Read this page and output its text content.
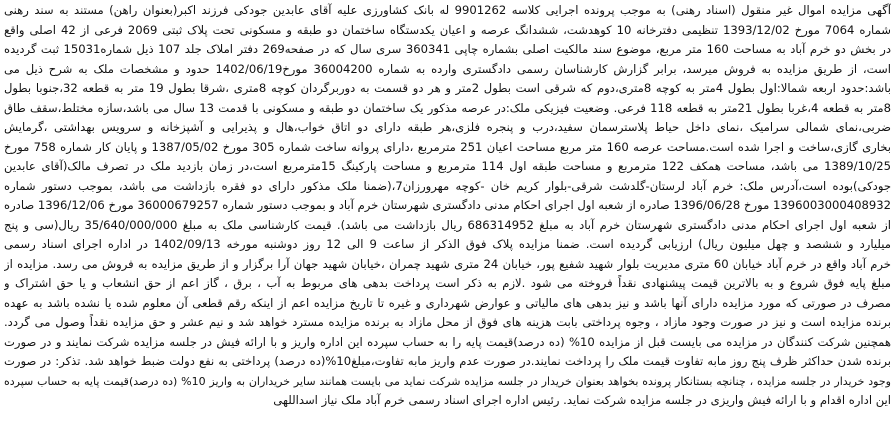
آگهی مزایده اموال غیر منقول (اسناد رهنی) به موجب پرونده اجرایی کلاسه 9901262 له بانک کشاورزی علیه آقای عابدین جودکی فرزند اکبر(بعنوان راهن) مستند به سند رهنی
شماره 7064 مورخ 1393/12/02 تنظیمی دفترخانه 10 کوهدشت، ششدانگ عرصه و اعیان یکدستگاه ساختمان دو طبقه و مسکونی تحت پلاک ثبتی 2069 فرعی از 42 اصلی واقع
در بخش دو خرم آباد به مساحت 160 متر مربع، موضوع سند مالکیت اصلی بشماره چاپی 360341 سری سال که در صفحه269 دفتر املاک جلد 107 ذیل شماره15031 ثبت گردیده
است، از طریق مزایده به فروش میرسد، برابر گزارش کارشناسان رسمی دادگستری وارده به شماره 36004200 مورخ1402/06/19 حدود و مشخصات ملک به شرح ذیل می
باشد:حدود اربعه شمالا:اول بطول 4متر به کوچه 8متری،دوم که شرقی است بطول 2متر و هر دو قسمت به دوربرگردان کوچه 8متری ،شرقا بطول 19 متر به قطعه 32،جنوبا بطول
8متر به قطعه 4،غربا بطول 21متر به قطعه 118 فرعی. وضعیت فیزیکی ملک:در عرصه مذکور یک ساختمان دو طبقه و مسکونی با قدمت 13 سال می باشد،سازه مختلط،سقف طاق
ضربی،نمای شمالی سرامیک ،نمای داخل حیاط پلاسترسمان سفید،درب و پنجره فلزی،هر طبقه دارای دو اتاق خواب،هال و پذیرایی و آشپزخانه و سرویس بهداشتی ،گرمایش
بخاری گازی،ساخت و اجرا شده است.مساحت عرصه 160 متر مربع مساحت اعیان 251 مترمربع ،دارای پروانه ساخت شماره 305 مورخ 1387/05/02 و پایان کار شماره 758 مورخ
1389/10/25 می باشد، مساحت همکف 122 مترمربع و مساحت طبقه اول 114 مترمربع و مساحت پارکینگ 15مترمربع است،در زمان بازدید ملک در تصرف مالک(آقای عابدین
جودکی)بوده است،آدرس ملک: خرم آباد لرستان-گلدشت شرقی-بلوار کریم خان -کوچه مهرورزان7،(ضمنا ملک مذکور دارای دو فقره بازداشت می باشد، بموجب دستور شماره
1396003000408932 مورخ 1396/06/28 صادره از شعبه اول اجرای احکام مدنی دادگستری شهرستان خرم آباد و بموجب دستور شماره 36000679257 مورخ 1396/12/06 صادره
از شعبه اول اجرای احکام مدنی دادگستری شهرستان خرم آباد به مبلغ 686314952 ریال بازداشت می باشد). قیمت کارشناسی ملک به مبلغ 35/640/000/000 ریال(سی و پنج
میلیارد و ششصد و چهل میلیون ریال) ارزیابی گردیده است. ضمنا مزایده پلاک فوق الذکر از ساعت 9 الی 12 روز دوشنبه مورخه 1402/09/13 در اداره اجرای اسناد رسمی
خرم آباد واقع در خرم آباد خیابان 60 متری مدیریت بلوار شهید شفیع پور، خیابان 24 متری شهید چمران ،خیابان شهید جهان آرا برگزار و از طریق مزایده به فروش می رسد. مزایده از
مبلغ پایه فوق شروع و به بالاترین قیمت پیشنهادی نقداً فروخته می شود .لازم به ذکر است پرداخت بدهی های مربوط به آب ، برق ، گاز اعم از حق انشعاب و یا حق اشتراک و
مصرف در صورتی که مورد مزایده دارای آنها باشد و نیز بدهی های مالیاتی و عوارض شهرداری و غیره تا تاریخ مزایده اعم از اینکه رقم قطعی آن معلوم شده یا نشده باشد به عهده
برنده مزایده است و نیز در صورت وجود مازاد ، وجوه پرداختی بابت هزینه های فوق از محل مازاد به برنده مزایده مسترد خواهد شد و نیم عشر و حق مزایده نقداً وصول می گردد.
همچنین شرکت کنندگان در مزایده می بایست قبل از مزایده 10% (ده درصد)قیمت پایه را به حساب سپرده این اداره واریز و با ارائه فیش در جلسه مزایده شرکت نمایند و در صورت
برنده شدن حداکثر ظرف پنج روز مابه تفاوت قیمت ملک را پرداخت نمایند.در صورت عدم واریز مابه تفاوت،مبلغ10%(ده درصد) پرداختی به نفع دولت ضبط خواهد شد. تذکر: در صورت
وجود خریدار در جلسه مزایده ، چنانچه بستانکار پرونده بخواهد بعنوان خریدار در جلسه مزایده شرکت نماید می بایست همانند سایر خریداران به واریز 10% (ده درصد)قیمت پایه به حساب سپرده
این اداره اقدام و با ارائه فیش واریزی در جلسه مزایده شرکت نماید. رئیس اداره اجرای اسناد رسمی خرم آباد ملک نیاز اسداللهی
